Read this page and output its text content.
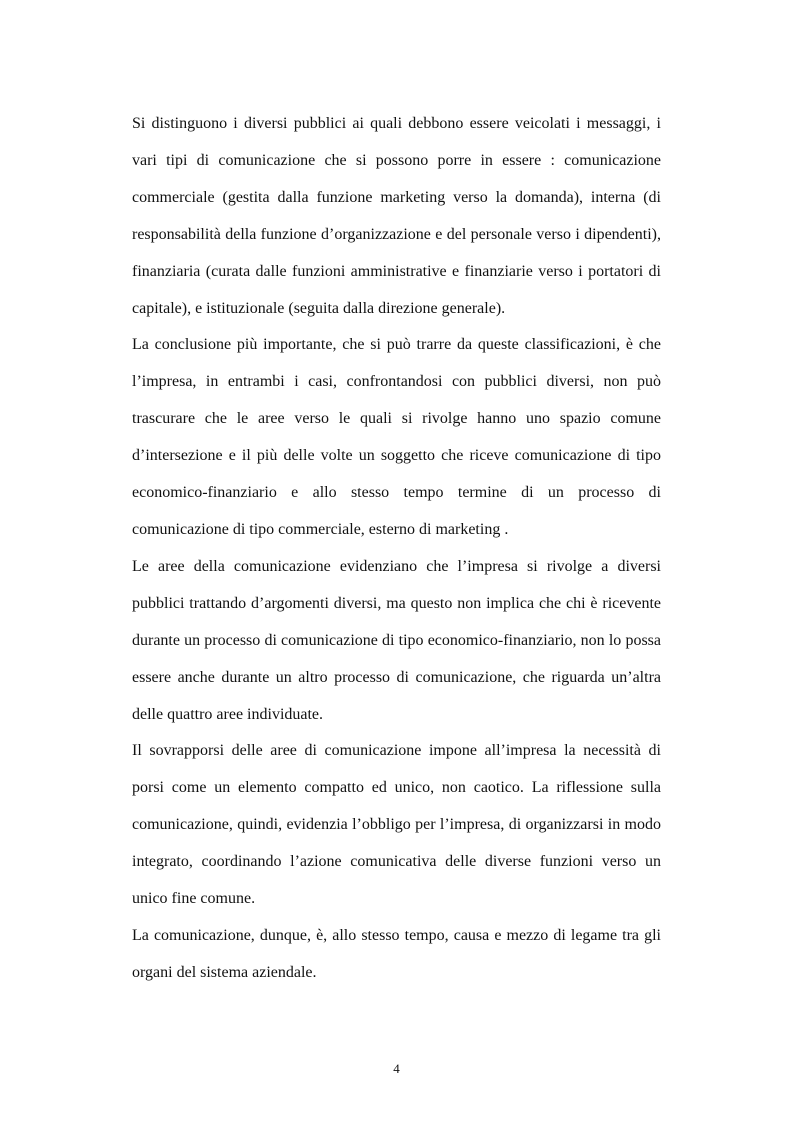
Si distinguono i diversi pubblici ai quali debbono essere veicolati i messaggi, i vari tipi di comunicazione che si possono porre in essere : comunicazione commerciale (gestita dalla funzione marketing verso la domanda), interna (di responsabilità della funzione d’organizzazione e del personale verso i dipendenti), finanziaria (curata dalle funzioni amministrative e finanziarie verso i portatori di capitale), e istituzionale (seguita dalla direzione generale).

La conclusione più importante, che si può trarre da queste classificazioni, è che l’impresa, in entrambi i casi, confrontandosi con pubblici diversi, non può trascurare che le aree verso le quali si rivolge hanno uno spazio comune d’intersezione e il più delle volte un soggetto che riceve comunicazione di tipo economico-finanziario e allo stesso tempo termine di un processo di comunicazione di tipo commerciale, esterno di marketing .

Le aree della comunicazione evidenziano che l’impresa si rivolge a diversi pubblici trattando d’argomenti diversi, ma questo non implica che chi è ricevente durante un processo di comunicazione di tipo economico-finanziario, non lo possa essere anche durante un altro processo di comunicazione, che riguarda un’altra delle quattro aree individuate.

Il sovrapporsi delle aree di comunicazione impone all’impresa la necessità di porsi come un elemento compatto ed unico, non caotico. La riflessione sulla comunicazione, quindi, evidenzia l’obbligo per l’impresa, di organizzarsi in modo integrato, coordinando l’azione comunicativa delle diverse funzioni verso un unico fine comune.

La comunicazione, dunque, è, allo stesso tempo, causa e mezzo di legame tra gli organi del sistema aziendale.

4
